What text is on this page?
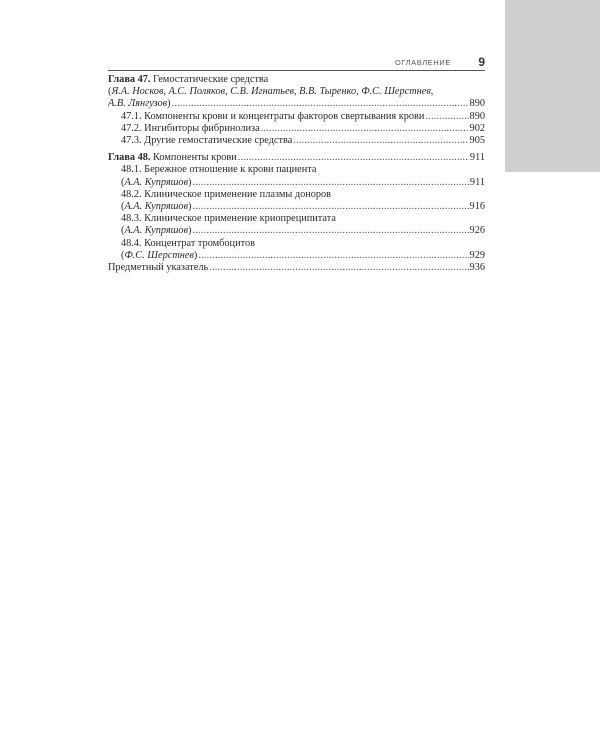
ОГЛАВЛЕНИЕ 9
Глава 47. Гемостатические средства
(Я.А. Носков, А.С. Поляков, С.В. Игнатьев, В.В. Тыренко, Ф.С. Шерстнев,
А.В. Лянгузов) .....	890
47.1. Компоненты крови и концентраты факторов свертывания крови .....	890
47.2. Ингибиторы фибринолиза .....	902
47.3. Другие гемостатические средства .....	905
Глава 48. Компоненты крови .....	911
48.1. Бережное отношение к крови пациента
(А.А. Купряшов) .....	911
48.2. Клиническое применение плазмы доноров
(А.А. Купряшов) .....	916
48.3. Клиническое применение криопреципитата
(А.А. Купряшов) .....	926
48.4. Концентрат тромбоцитов
(Ф.С. Шерстнев) .....	929
Предметный указатель .....	936
